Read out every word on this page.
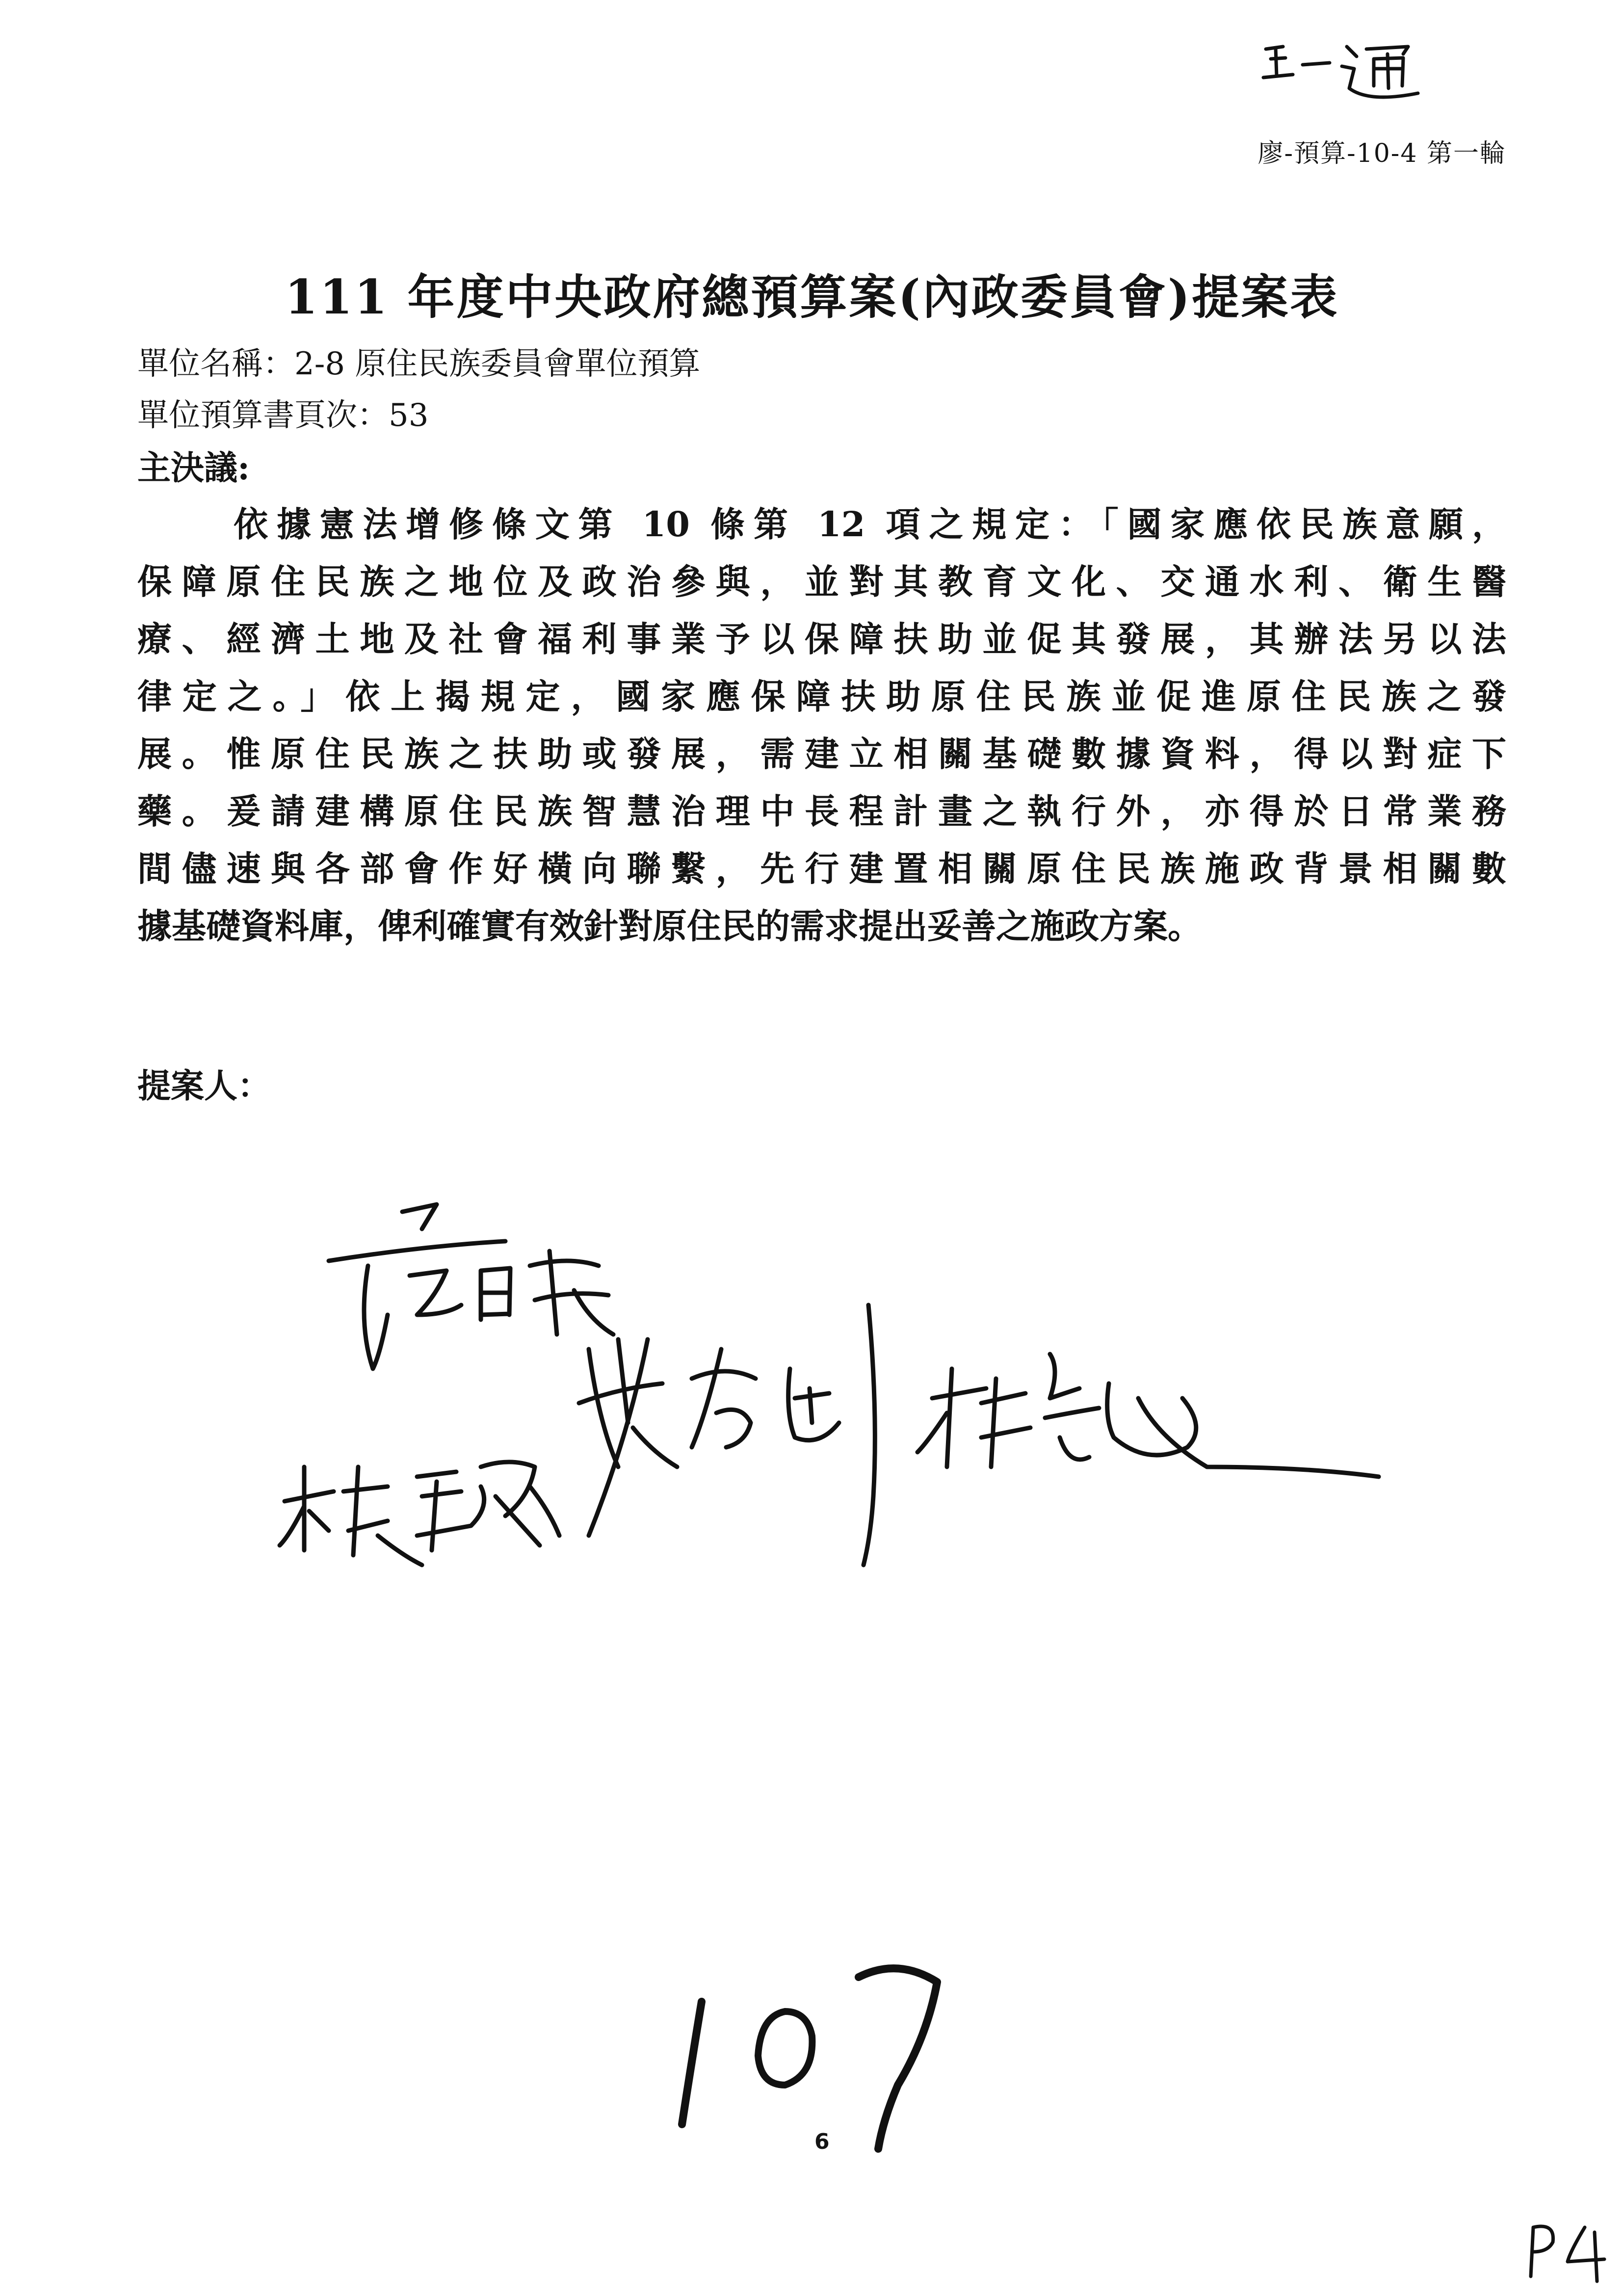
廖-預算-10-4 第一輪
111 年度中央政府總預算案(內政委員會)提案表
單位名稱：2-8 原住民族委員會單位預算
單位預算書頁次：53
主決議:
依據憲法增修條文第 10 條第 12 項之規定：「國家應依民族意願，
保障原住民族之地位及政治參與，並對其教育文化、交通水利、衛生醫
療、經濟土地及社會福利事業予以保障扶助並促其發展，其辦法另以法
律定之。」依上揭規定，國家應保障扶助原住民族並促進原住民族之發
展。惟原住民族之扶助或發展，需建立相關基礎數據資料，得以對症下
藥。爰請建構原住民族智慧治理中長程計畫之執行外，亦得於日常業務
間儘速與各部會作好橫向聯繫，先行建置相關原住民族施政背景相關數
據基礎資料庫，俾利確實有效針對原住民的需求提出妥善之施政方案。
提案人：
6
